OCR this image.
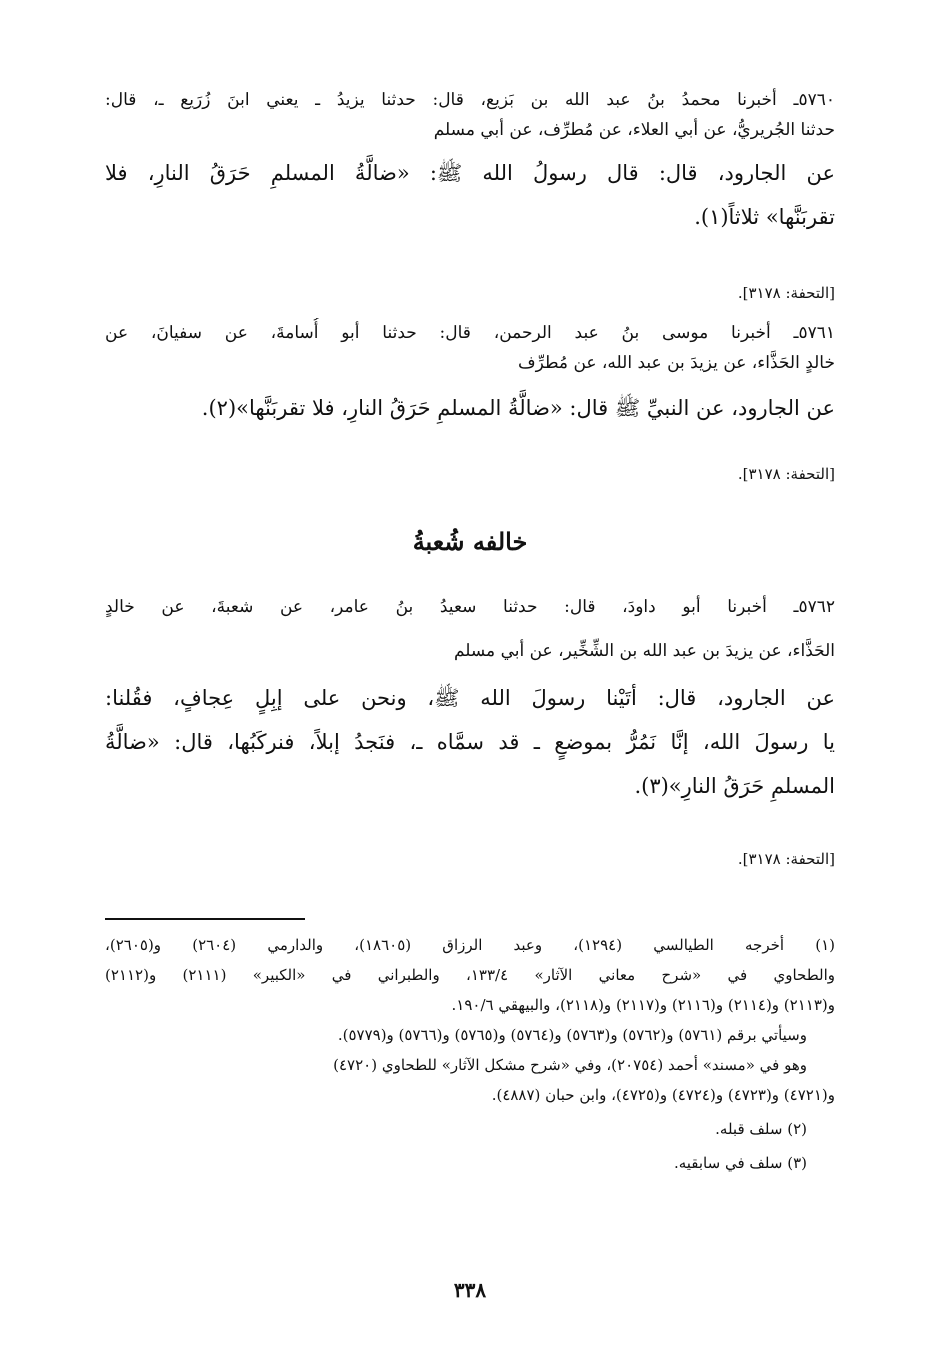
٥٧٦٠ـ أخبرنا محمدُ بنُ عبد الله بن بَزيع، قال: حدثنا يزيدُ ـ يعني ابنَ زُرَيع ـ، قال:
حدثنا الجُريريُّ، عن أبي العلاء، عن مُطرِّف، عن أبي مسلم
عن الجارود، قال: قال رسولُ الله ﷺ: «ضالَّةُ المسلمِ حَرَقُ النارِ، فلا
تقربَنَّها» ثلاثاً(١).
[التحفة: ٣١٧٨].
٥٧٦١ـ أخبرنا موسى بنُ عبد الرحمن، قال: حدثنا أبو أُسامةَ، عن سفيانَ، عن
خالدٍ الحَذَّاء، عن يزيدَ بن عبد الله، عن مُطرِّف
عن الجارود، عن النبيِّ ﷺ قال: «ضالَّةُ المسلمِ حَرَقُ النارِ، فلا تقربَنَّها»(٢).
[التحفة: ٣١٧٨].
خالفه شُعبةُ
٥٧٦٢ـ أخبرنا أبو داودَ، قال: حدثنا سعيدُ بنُ عامر، عن شعبةَ، عن خالدٍ
الحَذَّاء، عن يزيدَ بن عبد الله بن الشِّخِّير، عن أبي مسلم
عن الجارود، قال: أتَيْنا رسولَ الله ﷺ، ونحن على إبِلٍ عِجافٍ، فقُلنا:
يا رسولَ الله، إنَّا نَمُرُّ بموضعٍ ـ قد سمَّاه ـ، فنَجدُ إبلاً، فنركَبُها، قال: «ضالَّةُ
المسلمِ حَرَقُ النارِ»(٣).
[التحفة: ٣١٧٨].
(١) أخرجه الطيالسي (١٢٩٤)، وعبد الرزاق (١٨٦٠٥)، والدارمي (٢٦٠٤) و(٢٦٠٥)،
والطحاوي في «شرح معاني الآثار» ١٣٣/٤، والطبراني في «الكبير» (٢١١١) و(٢١١٢)
و(٢١١٣) و(٢١١٤) و(٢١١٦) و(٢١١٧) و(٢١١٨)، والبيهقي ١٩٠/٦.
وسيأتي برقم (٥٧٦١) و(٥٧٦٢) و(٥٧٦٣) و(٥٧٦٤) و(٥٧٦٥) و(٥٧٦٦) و(٥٧٧٩).
وهو في «مسند» أحمد (٢٠٧٥٤)، وفي «شرح مشكل الآثار» للطحاوي (٤٧٢٠)
و(٤٧٢١) و(٤٧٢٣) و(٤٧٢٤) و(٤٧٢٥)، وابن حبان (٤٨٨٧).
(٢) سلف قبله.
(٣) سلف في سابقيه.
٣٣٨
